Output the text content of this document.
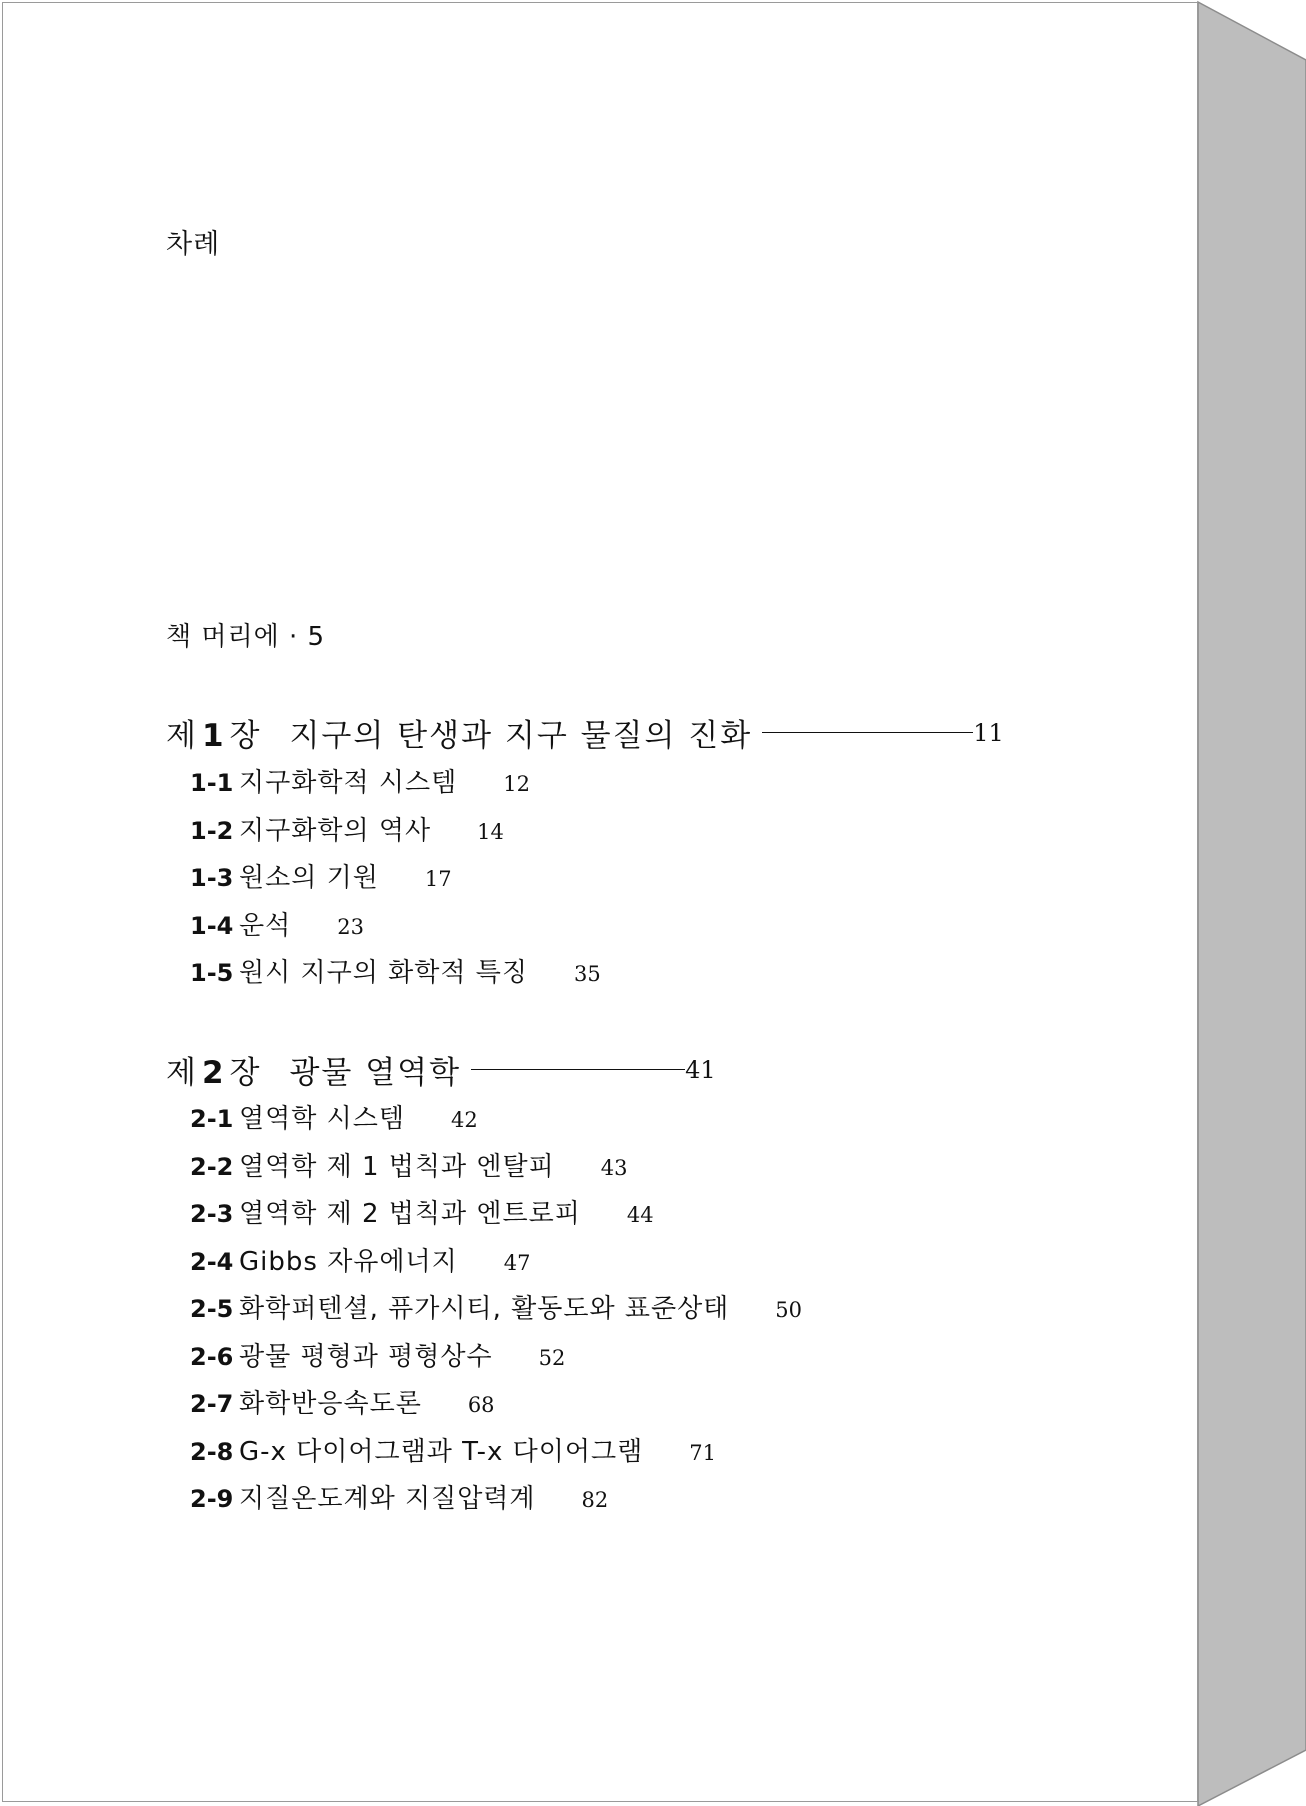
차례
책 머리에 · 5
제 1 장 지구의 탄생과 지구 물질의 진화	11
1-1 지구화학적 시스템 12
1-2 지구화학의 역사 14
1-3 원소의 기원 17
1-4 운석 23
1-5 원시 지구의 화학적 특징 35
제 2 장 광물 열역학	41
2-1 열역학 시스템 42
2-2 열역학 제 1 법칙과 엔탈피 43
2-3 열역학 제 2 법칙과 엔트로피 44
2-4 Gibbs 자유에너지 47
2-5 화학퍼텐셜, 퓨가시티, 활동도와 표준상태 50
2-6 광물 평형과 평형상수 52
2-7 화학반응속도론 68
2-8 G-x 다이어그램과 T-x 다이어그램 71
2-9 지질온도계와 지질압력계 82
